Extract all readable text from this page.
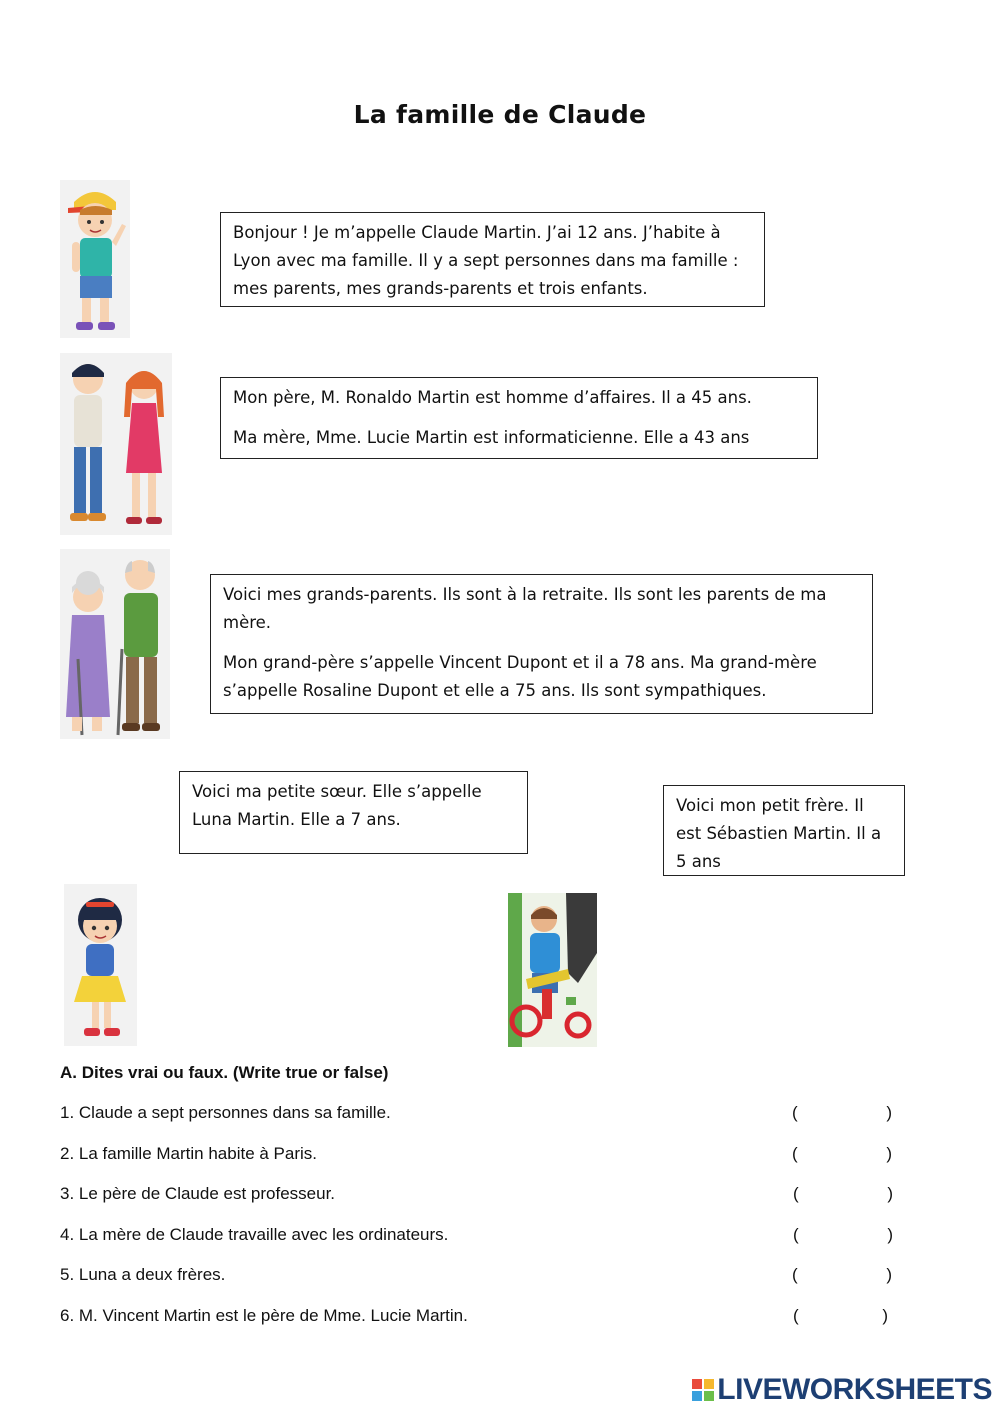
La famille de Claude

Bonjour ! Je m’appelle Claude Martin. J’ai 12 ans. J’habite à Lyon avec ma famille. Il y a sept personnes dans ma famille : mes parents, mes grands-parents et trois enfants.

Mon père, M. Ronaldo Martin est homme d’affaires. Il a 45 ans.

Ma mère, Mme. Lucie Martin est informaticienne. Elle a 43 ans

Voici mes grands-parents. Ils sont à la retraite. Ils sont les parents de ma mère.

Mon grand-père s’appelle Vincent Dupont et il a 78 ans. Ma grand-mère s’appelle Rosaline Dupont et elle a 75 ans. Ils sont sympathiques.

Voici ma petite sœur. Elle s’appelle Luna Martin. Elle a 7 ans.

Voici mon petit frère. Il est Sébastien Martin. Il a 5 ans

A. Dites vrai ou faux. (Write true or false)
1. Claude a sept personnes dans sa famille.	(	)
2. La famille Martin habite à Paris.	(	)
3. Le père de Claude est professeur.	(	)
4. La mère de Claude travaille avec les ordinateurs.	(	)
5. Luna a deux frères.	(	)
6. M. Vincent Martin est le père de Mme. Lucie Martin.	(	)
LIVEWORKSHEETS
